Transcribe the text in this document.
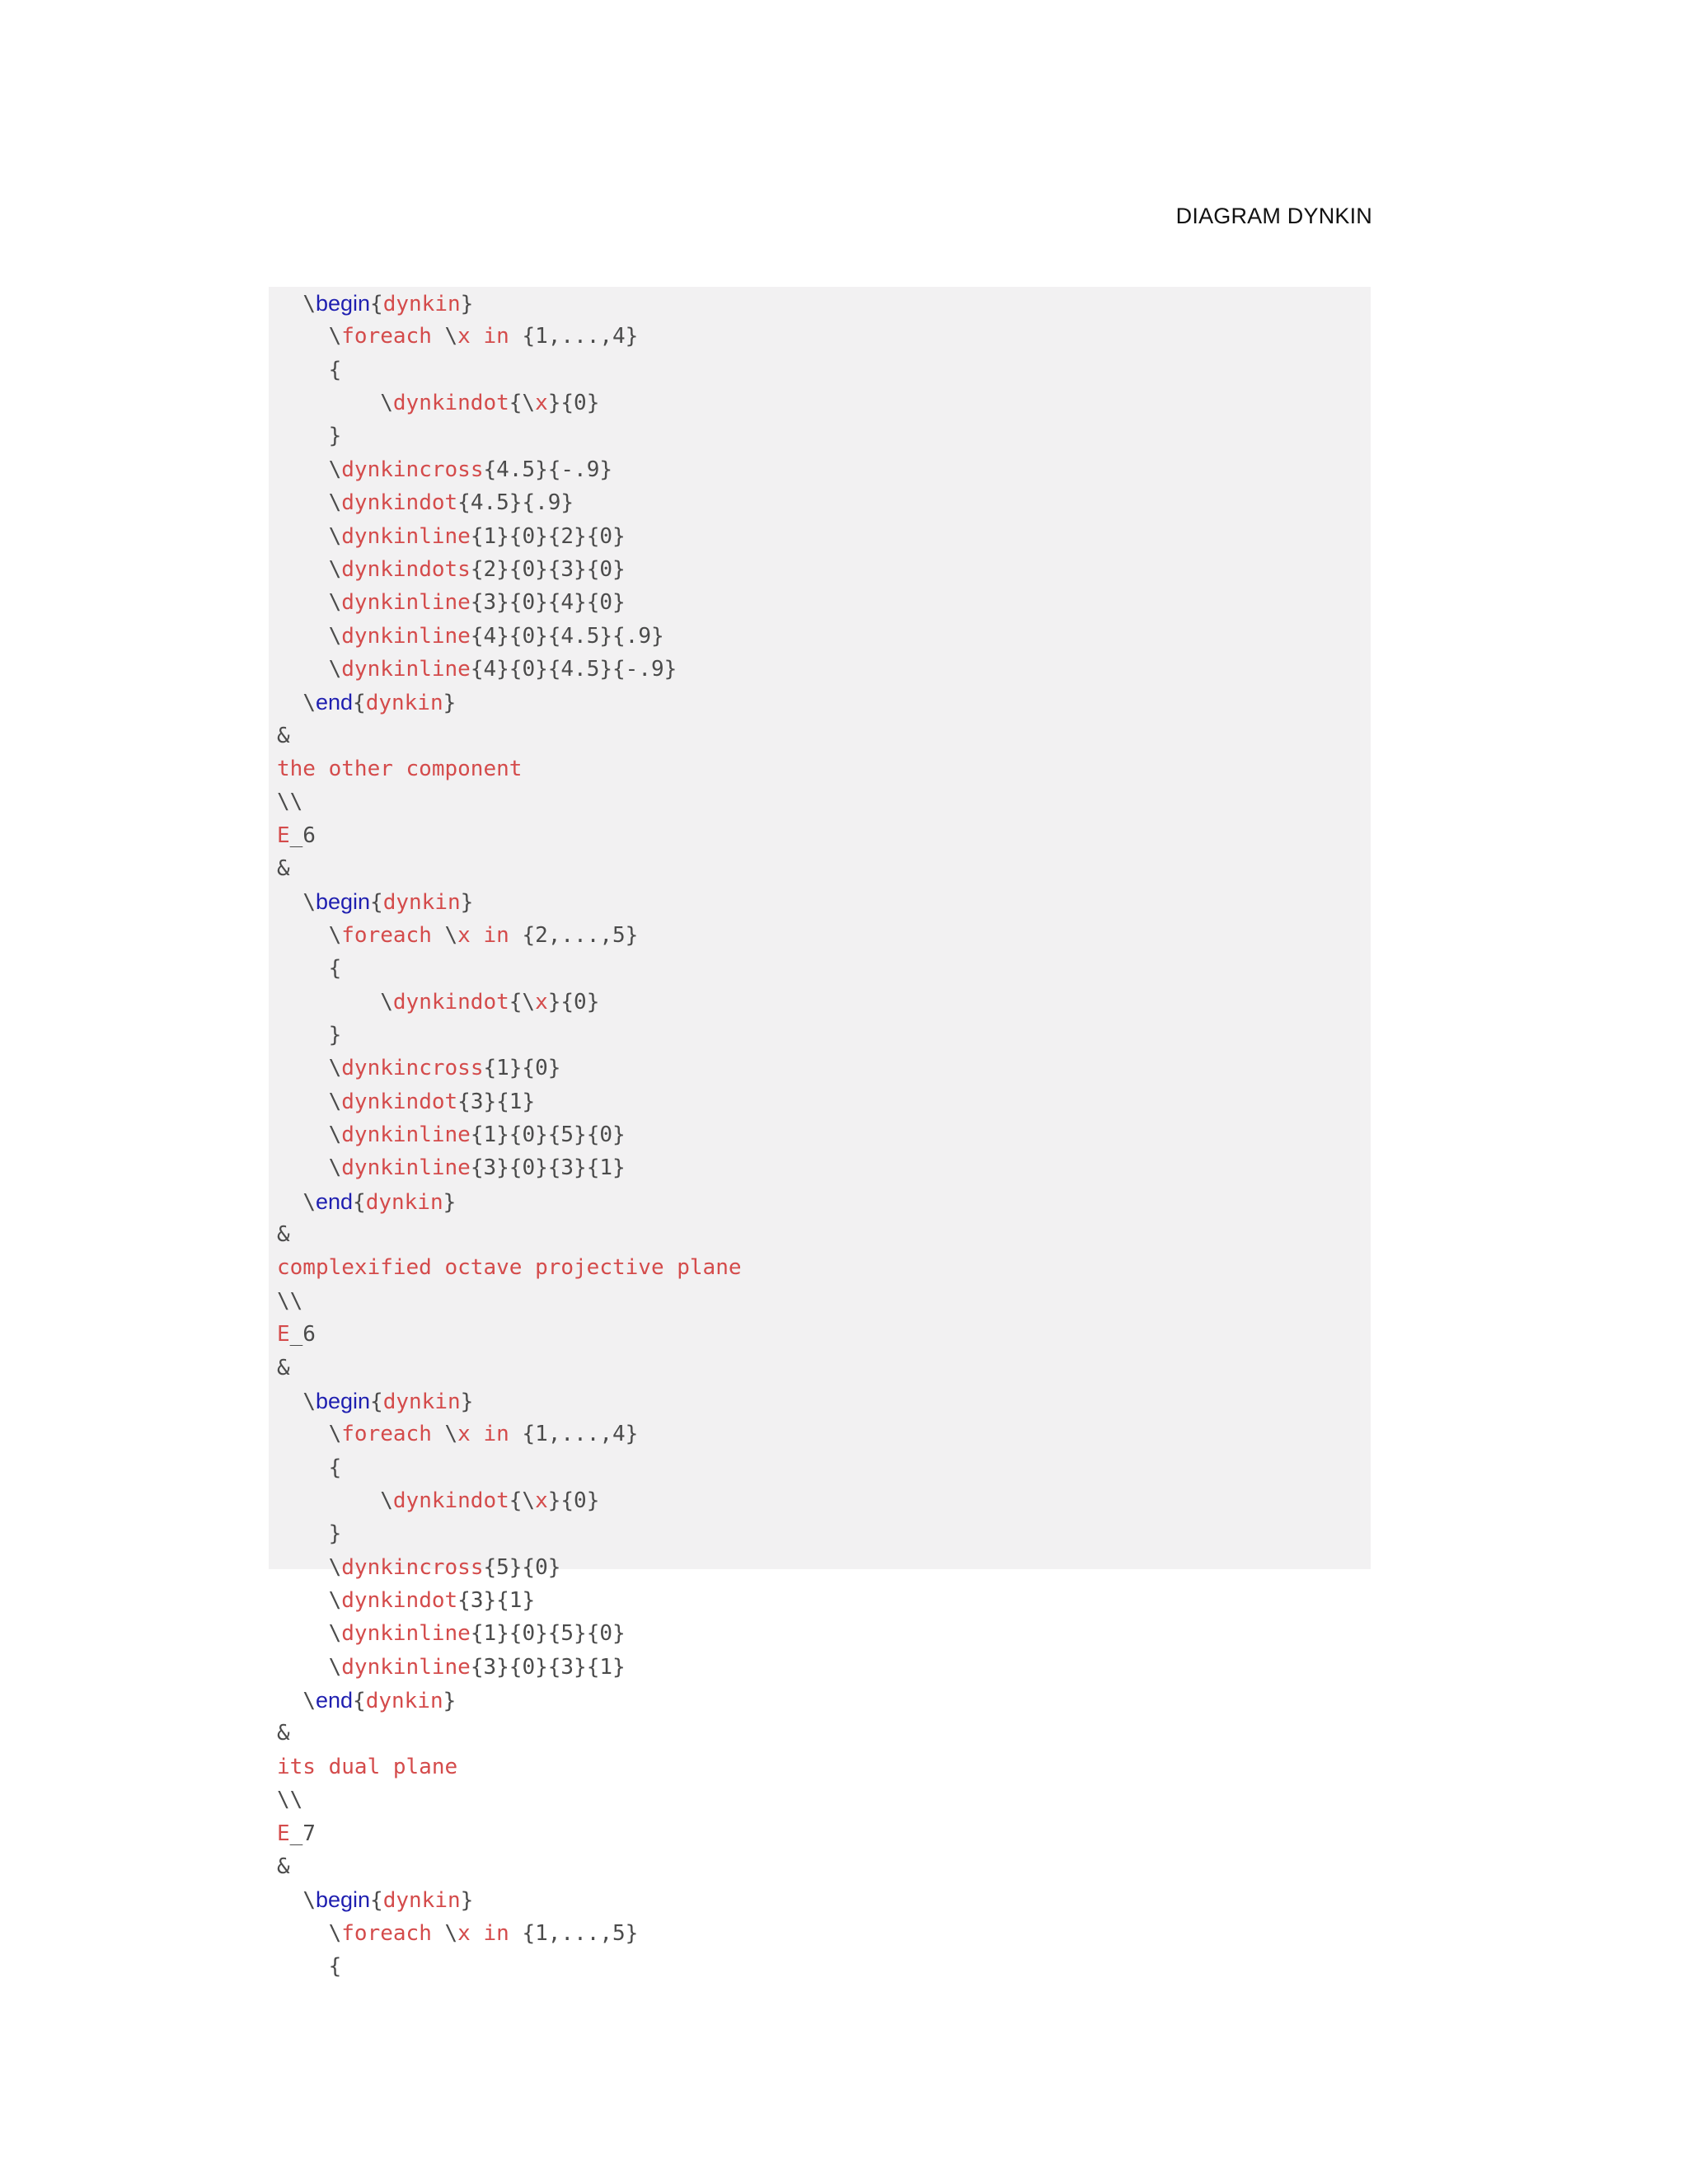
DIAGRAM DYNKIN
\begin{dynkin}
\foreach \x in {1,...,4}
{
\dynkindot{\x}{0}
}
\dynkincross{4.5}{-.9}
\dynkindot{4.5}{.9}
\dynkinline{1}{0}{2}{0}
\dynkindots{2}{0}{3}{0}
\dynkinline{3}{0}{4}{0}
\dynkinline{4}{0}{4.5}{.9}
\dynkinline{4}{0}{4.5}{-.9}
\end{dynkin}
&
the other component
\\
E_6
&
\begin{dynkin}
\foreach \x in {2,...,5}
{
\dynkindot{\x}{0}
}
\dynkincross{1}{0}
\dynkindot{3}{1}
\dynkinline{1}{0}{5}{0}
\dynkinline{3}{0}{3}{1}
\end{dynkin}
&
complexified octave projective plane
\\
E_6
&
\begin{dynkin}
\foreach \x in {1,...,4}
{
\dynkindot{\x}{0}
}
\dynkincross{5}{0}
\dynkindot{3}{1}
\dynkinline{1}{0}{5}{0}
\dynkinline{3}{0}{3}{1}
\end{dynkin}
&
its dual plane
\\
E_7
&
\begin{dynkin}
\foreach \x in {1,...,5}
{
